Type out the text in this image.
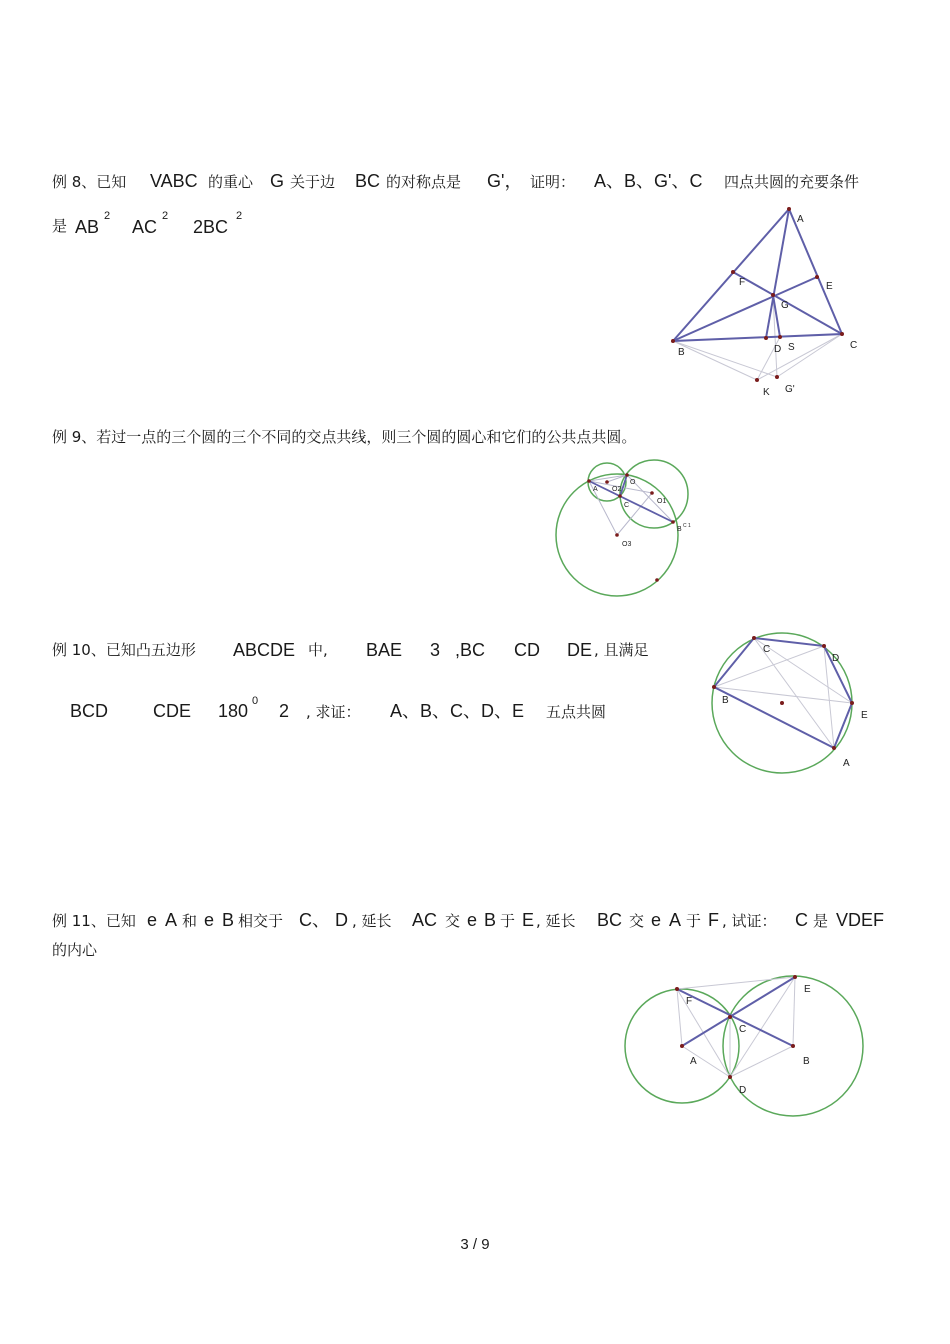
例 8、已知 VABC 的重心 G 关于边 BC 的对称点是 G'， 证明： A、B、G'、C 四点共圆的充要条件
是 AB
2
AC
2
2BC
2
例 9、若过一点的三个圆的三个不同的交点共线，则三个圆的圆心和它们的公共点共圆。
例 10、已知凸五边形 ABCDE 中, BAE 3 ,BC CD DE , 且满足
BCD CDE 180 0 2 , 求证： A、B、C、D、E 五点共圆
例 11、已知 e A 和 e B 相交于 C、 D , 延长 AC 交 e B 于 E , 延长 BC 交 e A 于 F , 试证： C 是 VDEF
的内心
A
B
C
D
E
F
G
S
K G'
A
O
O2
O1
C
B C 1
O3
A
B
C
D
E
A	B
C
D
E
F
3 / 9
